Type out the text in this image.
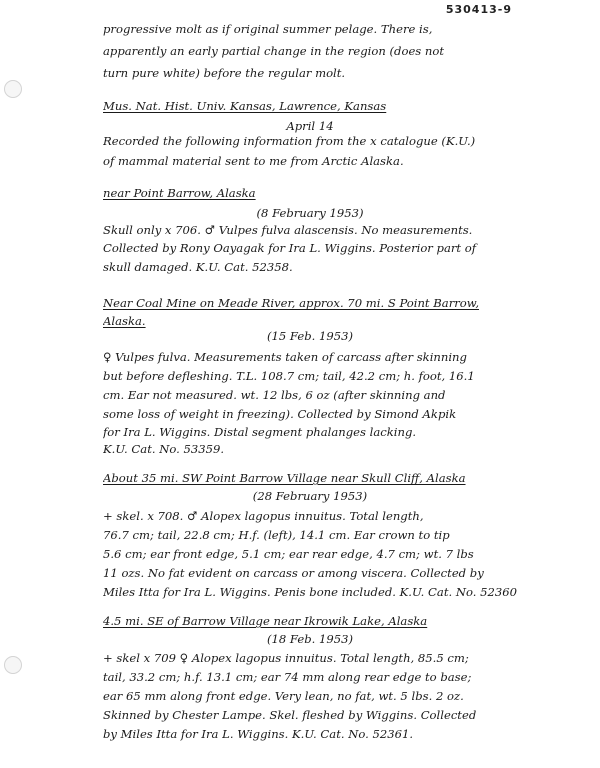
530413-9
progressive molt as if original summer pelage. There is,
apparently an early partial change in the region (does not
turn pure white) before the regular molt.
Mus. Nat. Hist. Univ. Kansas, Lawrence, Kansas
April 14
Recorded the following information from the x catalogue (K.U.)
of mammal material sent to me from Arctic Alaska.
near Point Barrow, Alaska
(8 February 1953)
Skull only x 706. ♂ Vulpes fulva alascensis. No measurements.
Collected by Rony Oayagak for Ira L. Wiggins. Posterior part of
skull damaged. K.U. Cat. 52358.
Near Coal Mine on Meade River, approx. 70 mi. S Point Barrow,
Alaska.
(15 Feb. 1953)
♀ Vulpes fulva. Measurements taken of carcass after skinning
but before defleshing. T.L. 108.7 cm; tail, 42.2 cm; h. foot, 16.1
cm. Ear not measured. wt. 12 lbs, 6 oz (after skinning and
some loss of weight in freezing). Collected by Simond Akpik
for Ira L. Wiggins. Distal segment phalanges lacking.
K.U. Cat. No. 53359.
About 35 mi. SW Point Barrow Village near Skull Cliff, Alaska
(28 February 1953)
+ skel. x 708. ♂ Alopex lagopus innuitus. Total length,
76.7 cm; tail, 22.8 cm; H.f. (left), 14.1 cm. Ear crown to tip
5.6 cm; ear front edge, 5.1 cm; ear rear edge, 4.7 cm; wt. 7 lbs
11 ozs. No fat evident on carcass or among viscera. Collected by
Miles Itta for Ira L. Wiggins. Penis bone included. K.U. Cat. No. 52360
4.5 mi. SE of Barrow Village near Ikrowik Lake, Alaska
(18 Feb. 1953)
+ skel x 709 ♀ Alopex lagopus innuitus. Total length, 85.5 cm;
tail, 33.2 cm; h.f. 13.1 cm; ear 74 mm along rear edge to base;
ear 65 mm along front edge. Very lean, no fat, wt. 5 lbs. 2 oz.
Skinned by Chester Lampe. Skel. fleshed by Wiggins. Collected
by Miles Itta for Ira L. Wiggins. K.U. Cat. No. 52361.
